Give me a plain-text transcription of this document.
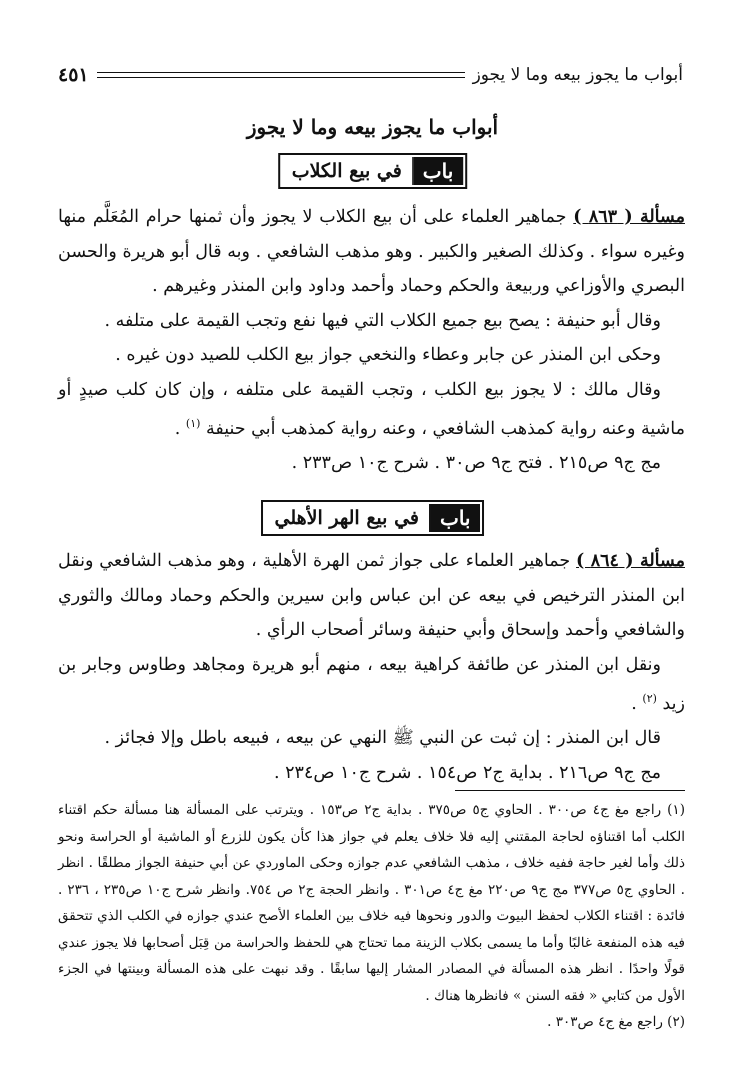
أبواب ما يجوز بيعه وما لا يجوز
٤٥١
أبواب ما يجوز بيعه وما لا يجوز
باب
في بيع الكلاب

مسألة ( ٨٦٣ ) جماهير العلماء على أن بيع الكلاب لا يجوز وأن ثمنها حرام المُعَلَّم منها وغيره سواء . وكذلك الصغير والكبير . وهو مذهب الشافعي . وبه قال أبو هريرة والحسن البصري والأوزاعي وربيعة والحكم وحماد وأحمد وداود وابن المنذر وغيرهم .

وقال أبو حنيفة : يصح بيع جميع الكلاب التي فيها نفع وتجب القيمة على متلفه .

وحكى ابن المنذر عن جابر وعطاء والنخعي جواز بيع الكلب للصيد دون غيره .

وقال مالك : لا يجوز بيع الكلب ، وتجب القيمة على متلفه ، وإن كان كلب صيدٍ أو ماشية وعنه رواية كمذهب الشافعي ، وعنه رواية كمذهب أبي حنيفة $^{(١)}$ .

مج ج٩ ص٢١٥ . فتح ج٩ ص٣٠ . شرح ج١٠ ص٢٣٣ .

باب
في بيع الهر الأهلي

مسألة ( ٨٦٤ ) جماهير العلماء على جواز ثمن الهرة الأهلية ، وهو مذهب الشافعي ونقل ابن المنذر الترخيص في بيعه عن ابن عباس وابن سيرين والحكم وحماد ومالك والثوري والشافعي وأحمد وإسحاق وأبي حنيفة وسائر أصحاب الرأي .

ونقل ابن المنذر عن طائفة كراهية بيعه ، منهم أبو هريرة ومجاهد وطاوس وجابر بن زيد $^{(٢)}$ .

قال ابن المنذر : إن ثبت عن النبي ﷺ النهي عن بيعه ، فبيعه باطل وإلا فجائز .

مج ج٩ ص٢١٦ . بداية ج٢ ص١٥٤ . شرح ج١٠ ص٢٣٤ .

(١) راجع مغ ج٤ ص٣٠٠ . الحاوي ج٥ ص٣٧٥ . بداية ج٢ ص١٥٣ . ويترتب على المسألة هنا مسألة حكم اقتناء الكلب أما اقتناؤه لحاجة المقتني إليه فلا خلاف يعلم في جواز هذا كأن يكون للزرع أو الماشية أو الحراسة ونحو ذلك وأما لغير حاجة ففيه خلاف ، مذهب الشافعي عدم جوازه وحكى الماوردي عن أبي حنيفة الجواز مطلقًا . انظر . الحاوي ج٥ ص٣٧٧ مج ج٩ ص٢٢٠ مغ ج٤ ص٣٠١ . وانظر الحجة ج٢ ص ٧٥٤. وانظر شرح ج١٠ ص٢٣٥ ، ٢٣٦ . فائدة : اقتناء الكلاب لحفظ البيوت والدور ونحوها فيه خلاف بين العلماء الأصح عندي جوازه في الكلب الذي تتحقق فيه هذه المنفعة غالبًا وأما ما يسمى بكلاب الزينة مما تحتاج هي للحفظ والحراسة من قِبَل أصحابها فلا يجوز عندي قولًا واحدًا . انظر هذه المسألة في المصادر المشار إليها سابقًا . وقد نبهت على هذه المسألة وبينتها في الجزء الأول من كتابي « فقه السنن » فانظرها هناك .

(٢) راجع مغ ج٤ ص٣٠٣ .
